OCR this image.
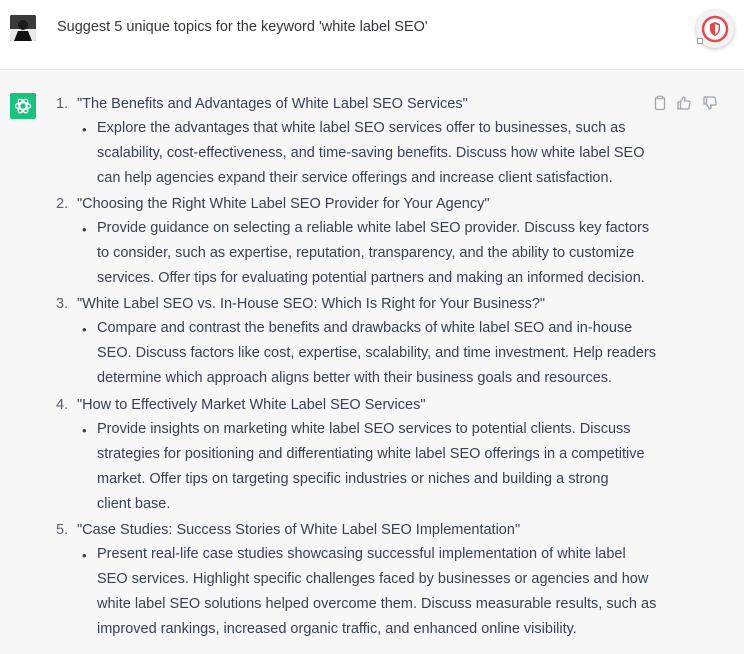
Suggest 5 unique topics for the keyword 'white label SEO'
1. "The Benefits and Advantages of White Label SEO Services"
• Explore the advantages that white label SEO services offer to businesses, such as
scalability, cost-effectiveness, and time-saving benefits. Discuss how white label SEO
can help agencies expand their service offerings and increase client satisfaction.
2. "Choosing the Right White Label SEO Provider for Your Agency"
• Provide guidance on selecting a reliable white label SEO provider. Discuss key factors
to consider, such as expertise, reputation, transparency, and the ability to customize
services. Offer tips for evaluating potential partners and making an informed decision.
3. "White Label SEO vs. In-House SEO: Which Is Right for Your Business?"
• Compare and contrast the benefits and drawbacks of white label SEO and in-house
SEO. Discuss factors like cost, expertise, scalability, and time investment. Help readers
determine which approach aligns better with their business goals and resources.
4. "How to Effectively Market White Label SEO Services"
• Provide insights on marketing white label SEO services to potential clients. Discuss
strategies for positioning and differentiating white label SEO offerings in a competitive
market. Offer tips on targeting specific industries or niches and building a strong
client base.
5. "Case Studies: Success Stories of White Label SEO Implementation"
• Present real-life case studies showcasing successful implementation of white label
SEO services. Highlight specific challenges faced by businesses or agencies and how
white label SEO solutions helped overcome them. Discuss measurable results, such as
improved rankings, increased organic traffic, and enhanced online visibility.
